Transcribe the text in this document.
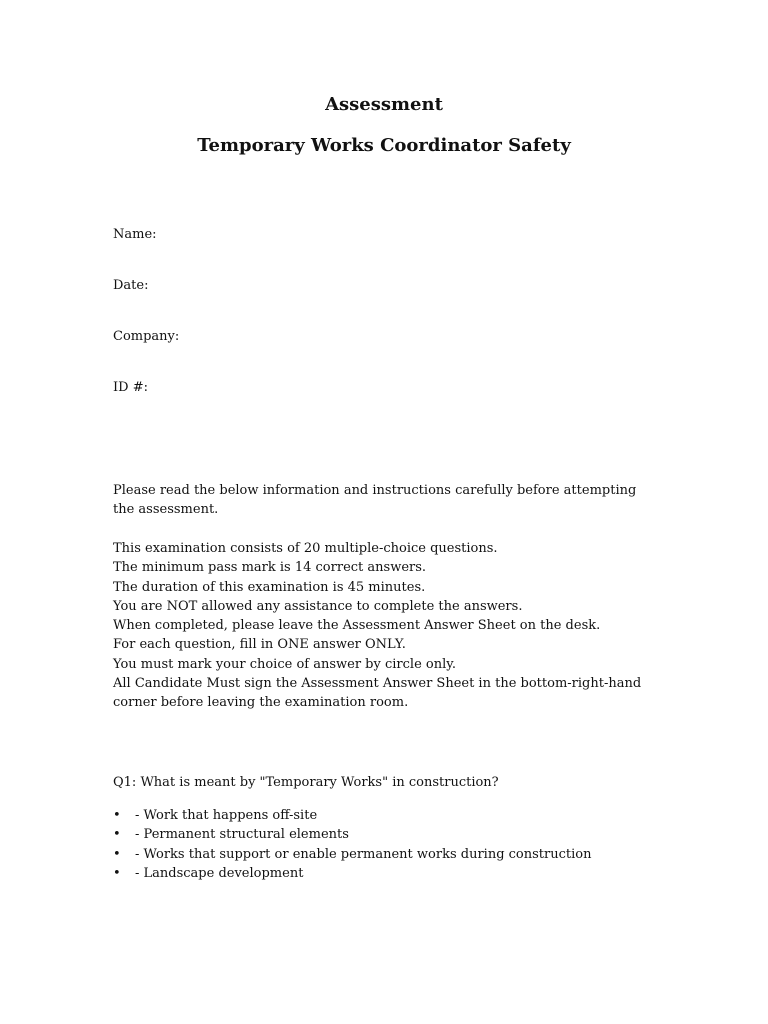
Assessment
Temporary Works Coordinator Safety

Name:

Date:

Company:

ID #:

Please read the below information and instructions carefully before attempting the assessment.

This examination consists of 20 multiple-choice questions.
The minimum pass mark is 14 correct answers.
The duration of this examination is 45 minutes.
You are NOT allowed any assistance to complete the answers.
When completed, please leave the Assessment Answer Sheet on the desk.
For each question, fill in ONE answer ONLY.
You must mark your choice of answer by circle only.
All Candidate Must sign the Assessment Answer Sheet in the bottom-right-hand corner before leaving the examination room.

Q1: What is meant by "Temporary Works" in construction?

•	- Work that happens off-site
•	- Permanent structural elements
•	- Works that support or enable permanent works during construction
•	- Landscape development
